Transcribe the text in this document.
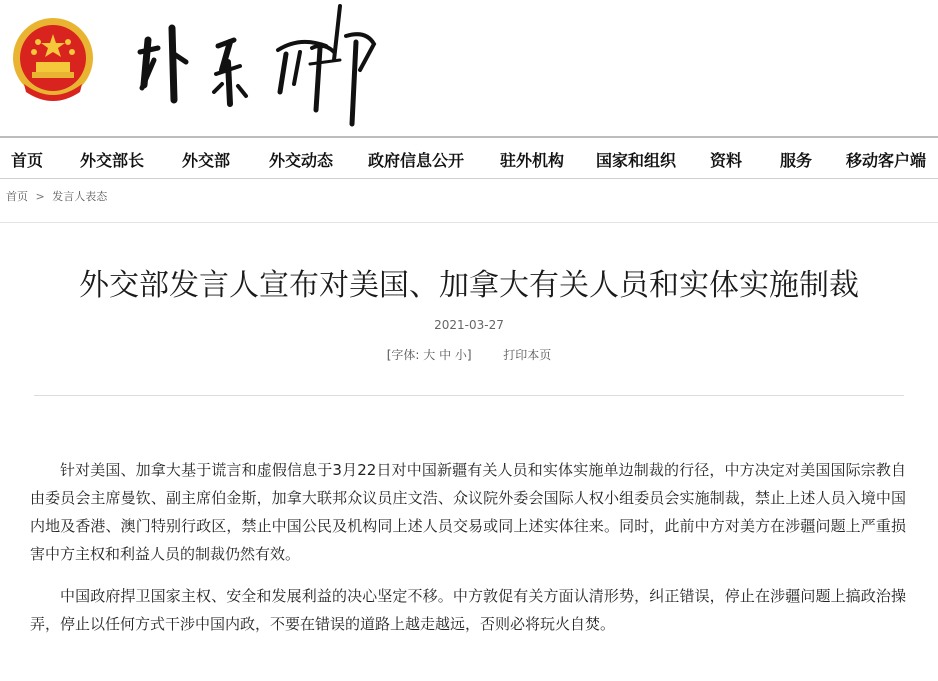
首页 外交部长 外交部 外交动态 政府信息公开 驻外机构 国家和组织 资料 服务 移动客户端
首页 > 发言人表态
外交部发言人宣布对美国、加拿大有关人员和实体实施制裁
2021-03-27
[字体: 大 中 小]	打印本页

针对美国、加拿大基于谎言和虚假信息于3月22日对中国新疆有关人员和实体实施单边制裁的行径，中方决定对美国国际宗教自由委员会主席曼钦、副主席伯金斯，加拿大联邦众议员庄文浩、众议院外委会国际人权小组委员会实施制裁，禁止上述人员入境中国内地及香港、澳门特别行政区，禁止中国公民及机构同上述人员交易或同上述实体往来。同时，此前中方对美方在涉疆问题上严重损害中方主权和利益人员的制裁仍然有效。

中国政府捍卫国家主权、安全和发展利益的决心坚定不移。中方敦促有关方面认清形势，纠正错误，停止在涉疆问题上搞政治操弄，停止以任何方式干涉中国内政，不要在错误的道路上越走越远，否则必将玩火自焚。
